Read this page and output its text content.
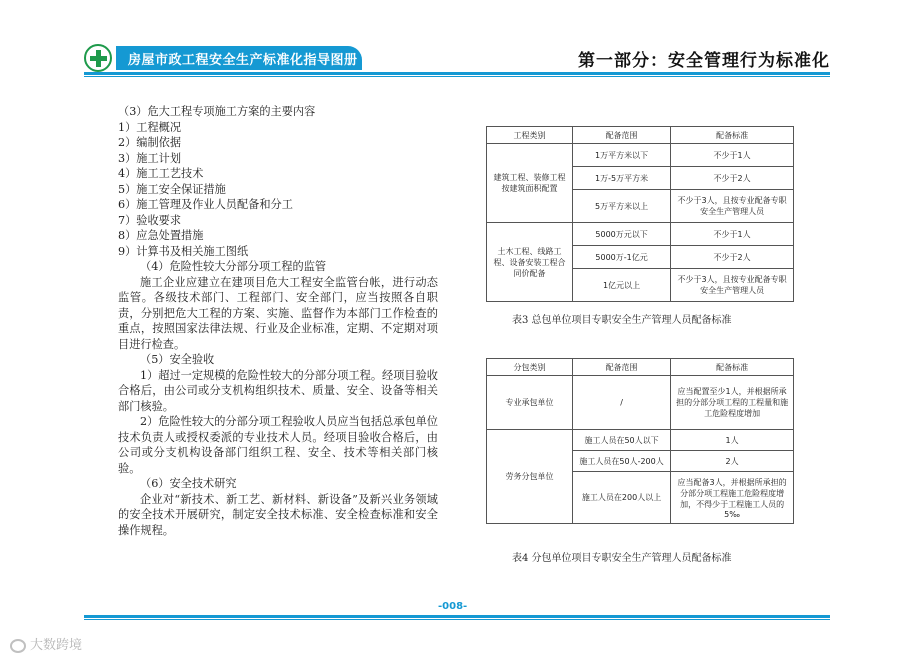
房屋市政工程安全生产标准化指导图册	第一部分：安全管理行为标准化

（3）危大工程专项施工方案的主要内容

1）工程概况

2）编制依据

3）施工计划

4）施工工艺技术

5）施工安全保证措施

6）施工管理及作业人员配备和分工

7）验收要求

8）应急处置措施

9）计算书及相关施工图纸

（4）危险性较大分部分项工程的监管

施工企业应建立在建项目危大工程安全监管台帐，进行动态监管。各级技术部门、工程部门、安全部门，应当按照各自职责，分别把危大工程的方案、实施、监督作为本部门工作检查的重点，按照国家法律法规、行业及企业标准，定期、不定期对项目进行检查。

（5）安全验收

1）超过一定规模的危险性较大的分部分项工程。经项目验收合格后，由公司或分支机构组织技术、质量、安全、设备等相关部门核验。

2）危险性较大的分部分项工程验收人员应当包括总承包单位技术负责人或授权委派的专业技术人员。经项目验收合格后，由公司或分支机构设备部门组织工程、安全、技术等相关部门核验。

（6）安全技术研究

企业对“新技术、新工艺、新材料、新设备”及新兴业务领域的安全技术开展研究，制定安全技术标准、安全检查标准和安全操作规程。

工程类别	配备范围	配备标准
建筑工程、装修工程按建筑面积配置	1万平方米以下	不少于1人
	1万-5万平方米	不少于2人
	5万平方米以上	不少于3人，且按专业配备专职安全生产管理人员
土木工程、线路工程、设备安装工程合同价配备	5000万元以下	不少于1人
	5000万-1亿元	不少于2人
	1亿元以上	不少于3人，且按专业配备专职安全生产管理人员
表3 总包单位项目专职安全生产管理人员配备标准
分包类别	配备范围	配备标准
专业承包单位	/	应当配置至少1人，并根据所承担的分部分项工程的工程量和施工危险程度增加
劳务分包单位	施工人员在50人以下	1人
	施工人员在50人-200人	2人
	施工人员在200人以上	应当配备3人，并根据所承担的分部分项工程施工危险程度增加，不得少于工程施工人员的5‰
表4 分包单位项目专职安全生产管理人员配备标准
-008-
大数跨境
